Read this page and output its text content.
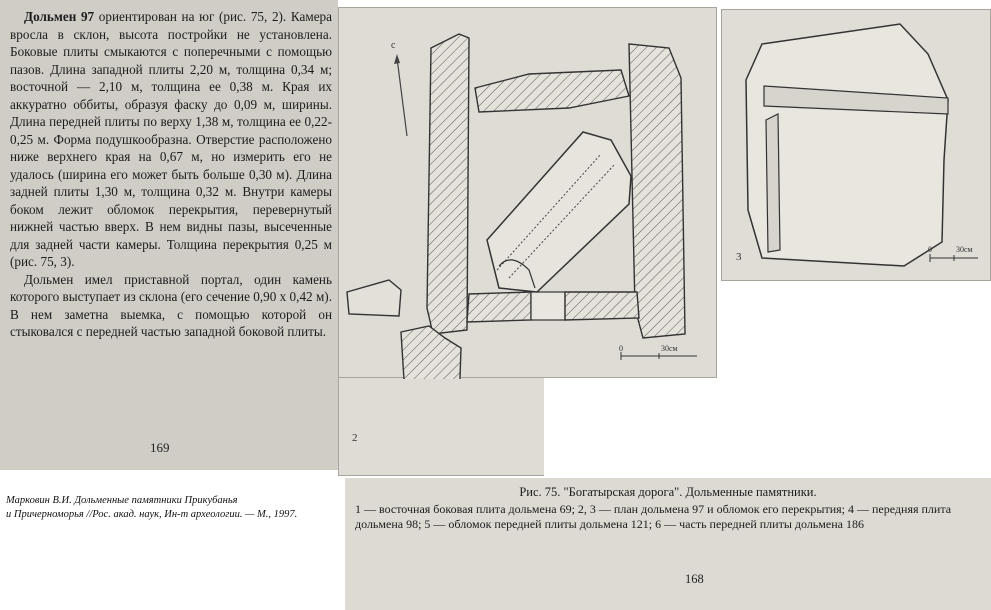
Дольмен 97 ориентирован на юг (рис. 75, 2). Камера вросла в склон, высота постройки не установлена. Боковые плиты смыкаются с поперечными с помощью пазов. Длина западной плиты 2,20 м, толщина 0,34 м; восточной — 2,10 м, толщина ее 0,38 м. Края их аккуратно оббиты, образуя фаску до 0,09 м, ширины. Длина передней плиты по верху 1,38 м, толщина ее 0,22-0,25 м. Форма подушкообразна. Отверстие расположено ниже верхнего края на 0,67 м, но измерить его не удалось (ширина его может быть больше 0,30 м). Длина задней плиты 1,30 м, толщина 0,32 м. Внутри камеры боком лежит обломок перекрытия, перевернутый нижней частью вверх. В нем видны пазы, высеченные для задней части камеры. Толщина перекрытия 0,25 м (рис. 75, 3).

Дольмен имел приставной портал, один камень которого выступает из склона (его сечение 0,90 х 0,42 м). В нем заметна выемка, с помощью которой он стыковался с передней частью западной боковой плиты.

169
Марковин В.И. Дольменные памятники Прикубанья
и Причерноморья //Рос. акад. наук, Ин-т археологии. — М., 1997.
с
0	30см
2
3
0	30см
Рис. 75. "Богатырская дорога". Дольменные памятники.
1 — восточная боковая плита дольмена 69; 2, 3 — план дольмена 97 и обломок его перекрытия; 4 — передняя плита дольмена 98; 5 — обломок передней плиты дольмена 121; 6 — часть передней плиты дольмена 186
168
